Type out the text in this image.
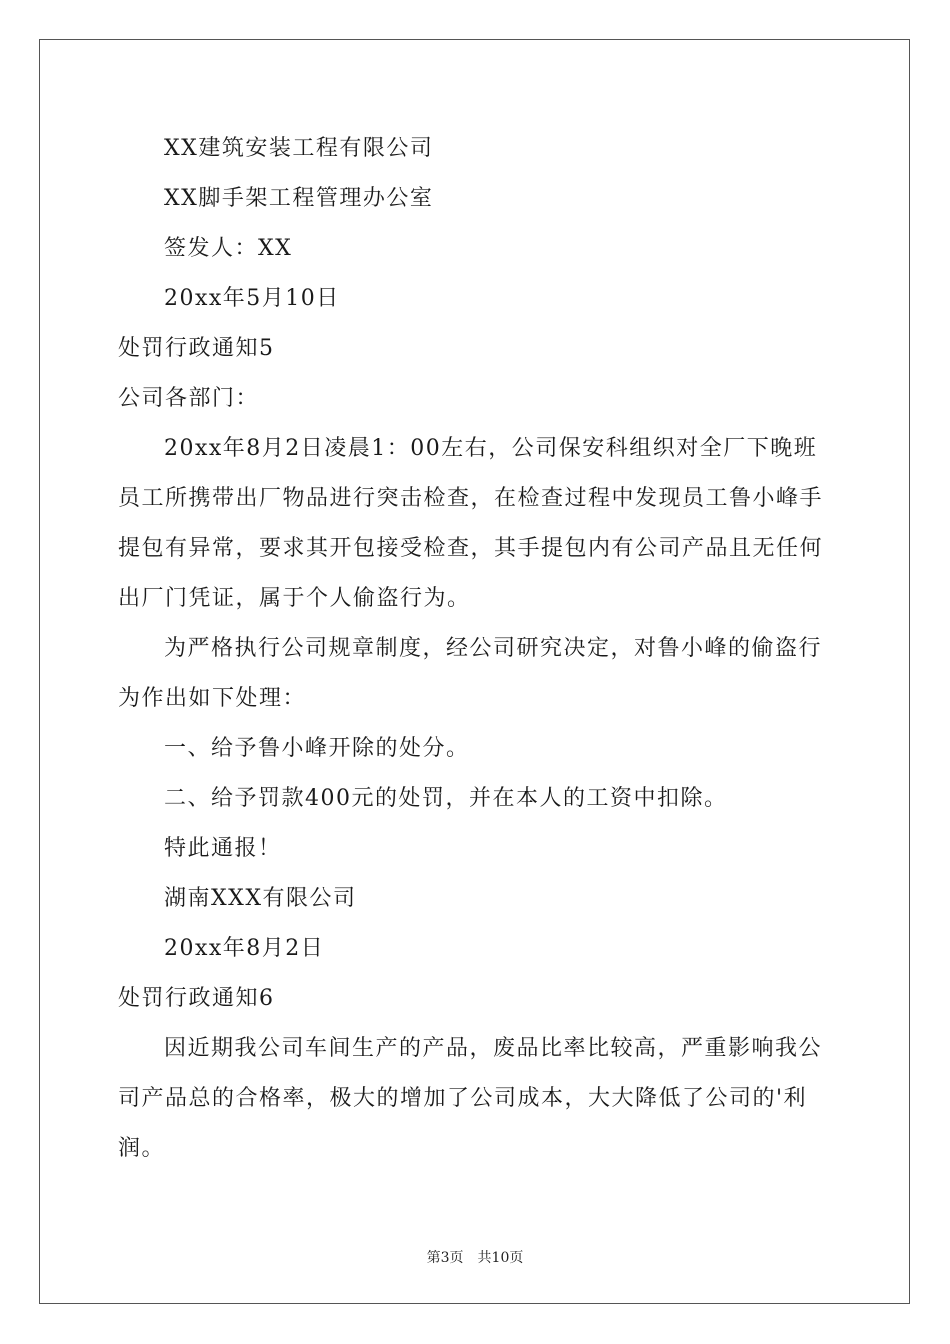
XX建筑安装工程有限公司
XX脚手架工程管理办公室
签发人：XX
20xx年5月10日
处罚行政通知5
公司各部门：
20xx年8月2日凌晨1：00左右，公司保安科组织对全厂下晚班
员工所携带出厂物品进行突击检查，在检查过程中发现员工鲁小峰手
提包有异常，要求其开包接受检查，其手提包内有公司产品且无任何
出厂门凭证，属于个人偷盗行为。
为严格执行公司规章制度，经公司研究决定，对鲁小峰的偷盗行
为作出如下处理：
一、给予鲁小峰开除的处分。
二、给予罚款400元的处罚，并在本人的工资中扣除。
特此通报！
湖南XXX有限公司
20xx年8月2日
处罚行政通知6
因近期我公司车间生产的产品，废品比率比较高，严重影响我公
司产品总的合格率，极大的增加了公司成本，大大降低了公司的'利
润。
第3页 共10页
